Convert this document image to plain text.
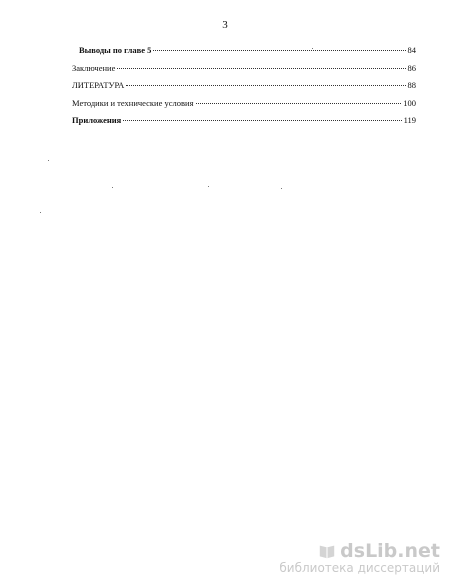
3
Выводы по главе 5	84
Заключение	86
ЛИТЕРАТУРА	88
Методики и технические условия	100
Приложения	119
dsLib.net
библиотека диссертаций
